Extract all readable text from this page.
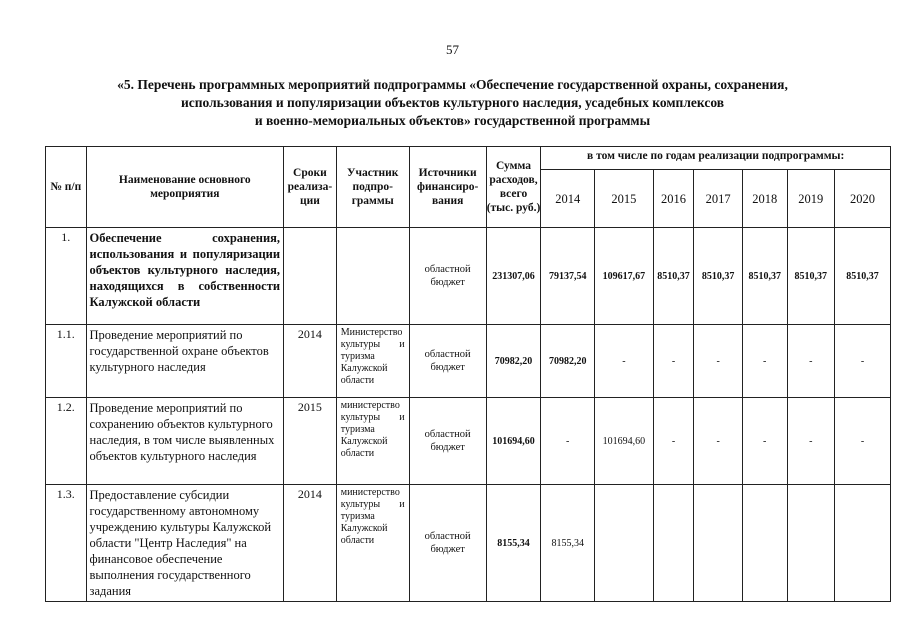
57
«5. Перечень программных мероприятий подпрограммы «Обеспечение государственной охраны, сохранения,
использования и популяризации объектов культурного наследия, усадебных комплексов
и военно-мемориальных объектов» государственной программы
№ п/п	Наименование основного мероприятия	Сроки реализа-ции	Участник подпро-граммы	Источники финансиро-вания	Сумма расходов, всего (тыс. руб.)	в том числе по годам реализации подпрограммы:						
						2014	2015	2016	2017	2018	2019	2020
1.	Обеспечение сохранения, использования и популяризации объектов культурного наследия, находящихся в собственности Калужской области			областной бюджет	231307,06	79137,54	109617,67	8510,37	8510,37	8510,37	8510,37	8510,37
1.1.	Проведение мероприятий по государственной охране объектов культурного наследия	2014	Министерство культуры и туризма Калужской области	областной бюджет	70982,20	70982,20	-	-	-	-	-	-
1.2.	Проведение мероприятий по сохранению объектов культурного наследия, в том числе выявленных объектов культурного наследия	2015	министерство культуры и туризма Калужской области	областной бюджет	101694,60	-	101694,60	-	-	-	-	-
1.3.	Предоставление субсидии государственному автономному учреждению культуры Калужской области "Центр Наследия" на финансовое обеспечение выполнения государственного задания	2014	министерство культуры и туризма Калужской области	областной бюджет	8155,34	8155,34						
